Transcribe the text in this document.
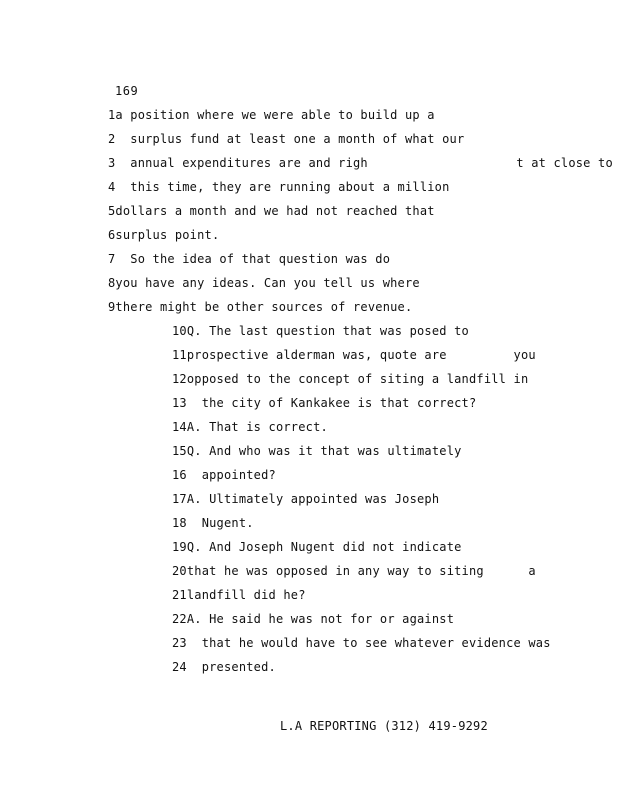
169
1a position where we were able to build up a
2  surplus fund at least one a month of what our
3  annual expenditures are and righ                    t at close to
4  this time, they are running about a million
5dollars a month and we had not reached that
6surplus point.
7  So the idea of that question was do
8you have any ideas. Can you tell us where
9there might be other sources of revenue.
10Q. The last question that was posed to
11prospective alderman was, quote are         you
12opposed to the concept of siting a landfill in
13  the city of Kankakee is that correct?
14A. That is correct.
15Q. And who was it that was ultimately
16  appointed?
17A. Ultimately appointed was Joseph
18  Nugent.
19Q. And Joseph Nugent did not indicate
20that he was opposed in any way to siting      a
21landfill did he?
22A. He said he was not for or against
23  that he would have to see whatever evidence was
24  presented.
L.A REPORTING (312) 419-9292
